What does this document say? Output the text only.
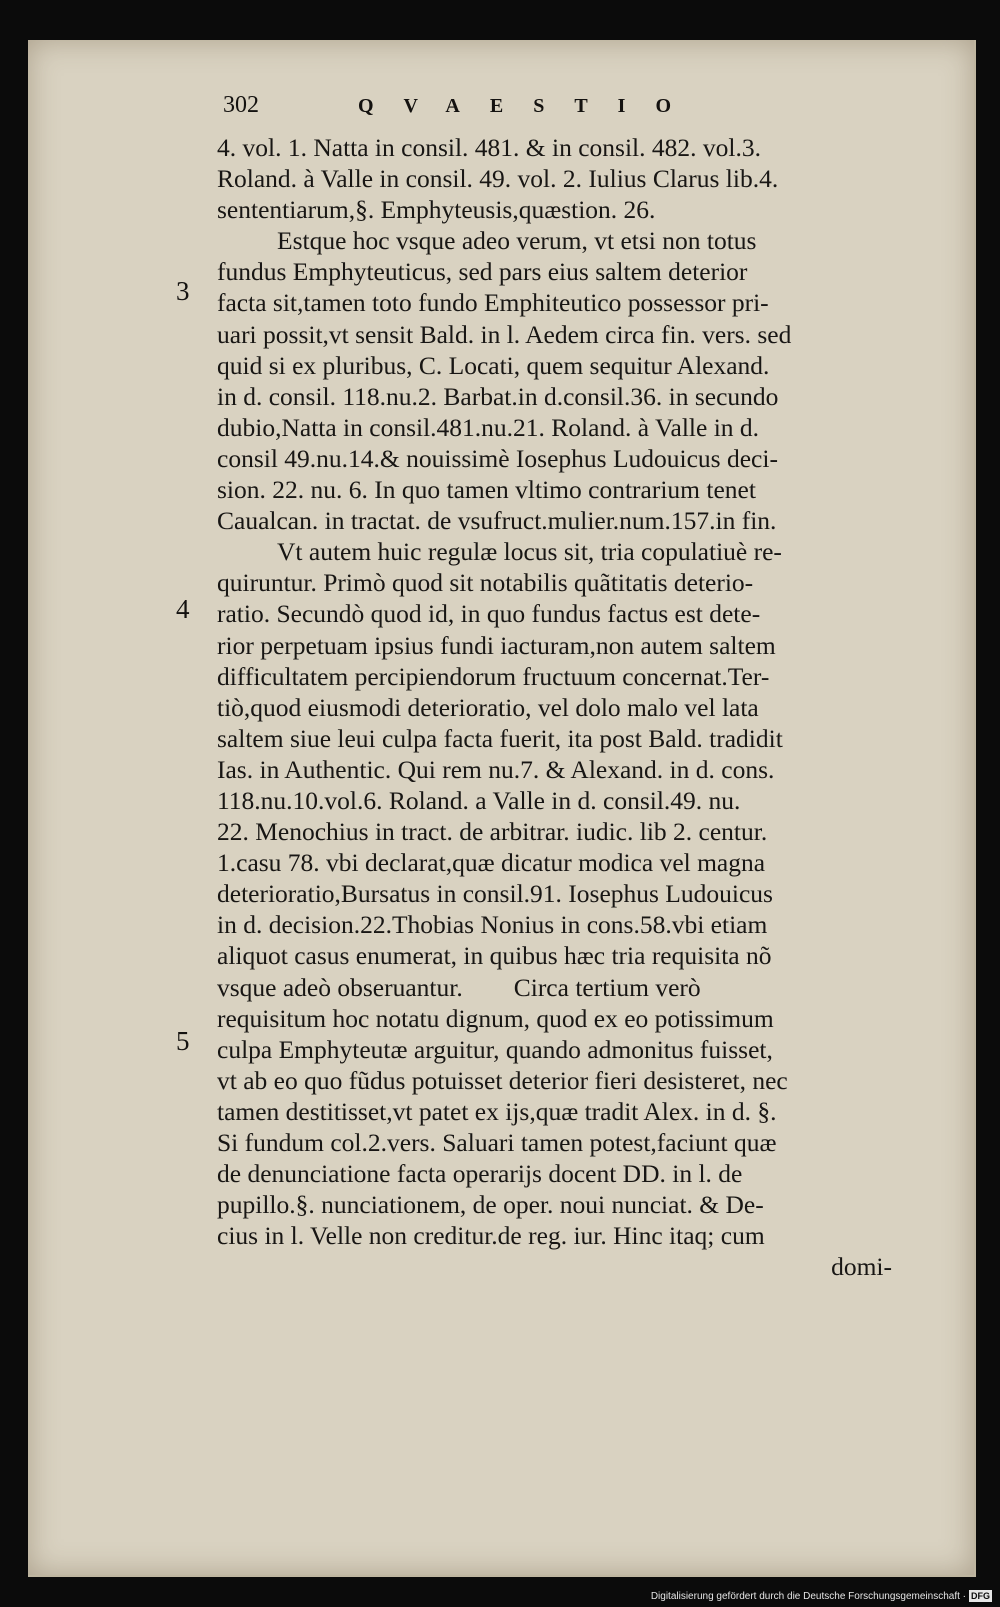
302	QVAESTIO
3
4
5
4. vol. 1. Natta in consil. 481. & in consil. 482. vol.3.
Roland. à Valle in consil. 49. vol. 2. Iulius Clarus lib.4.
sententiarum,§. Emphyteusis,quæstion. 26.
Estque hoc vsque adeo verum, vt etsi non totus
fundus Emphyteuticus, sed pars eius saltem deterior
facta sit,tamen toto fundo Emphiteutico possessor pri-
uari possit,vt sensit Bald. in l. Aedem circa fin. vers. sed
quid si ex pluribus, C. Locati, quem sequitur Alexand.
in d. consil. 118.nu.2. Barbat.in d.consil.36. in secundo
dubio,Natta in consil.481.nu.21. Roland. à Valle in d.
consil 49.nu.14.& nouissimè Iosephus Ludouicus deci-
sion. 22. nu. 6. In quo tamen vltimo contrarium tenet
Caualcan. in tractat. de vsufruct.mulier.num.157.in fin.
Vt autem huic regulæ locus sit, tria copulatiuè re-
quiruntur. Primò quod sit notabilis quãtitatis deterio-
ratio. Secundò quod id, in quo fundus factus est dete-
rior perpetuam ipsius fundi iacturam,non autem saltem
difficultatem percipiendorum fructuum concernat.Ter-
tiò,quod eiusmodi deterioratio, vel dolo malo vel lata
saltem siue leui culpa facta fuerit, ita post Bald. tradidit
Ias. in Authentic. Qui rem nu.7. & Alexand. in d. cons.
118.nu.10.vol.6. Roland. a Valle in d. consil.49. nu.
22. Menochius in tract. de arbitrar. iudic. lib 2. centur.
1.casu 78. vbi declarat,quæ dicatur modica vel magna
deterioratio,Bursatus in consil.91. Iosephus Ludouicus
in d. decision.22.Thobias Nonius in cons.58.vbi etiam
aliquot casus enumerat, in quibus hæc tria requisita nõ
vsque adeò obseruantur.        Circa tertium verò
requisitum hoc notatu dignum, quod ex eo potissimum
culpa Emphyteutæ arguitur, quando admonitus fuisset,
vt ab eo quo fũdus potuisset deterior fieri desisteret, nec
tamen destitisset,vt patet ex ijs,quæ tradit Alex. in d. §.
Si fundum col.2.vers. Saluari tamen potest,faciunt quæ
de denunciatione facta operarijs docent DD. in l. de
pupillo.§. nunciationem, de oper. noui nunciat. & De-
cius in l. Velle non creditur.de reg. iur. Hinc itaq; cum
domi-
Digitalisierung gefördert durch die Deutsche Forschungsgemeinschaft · DFG
